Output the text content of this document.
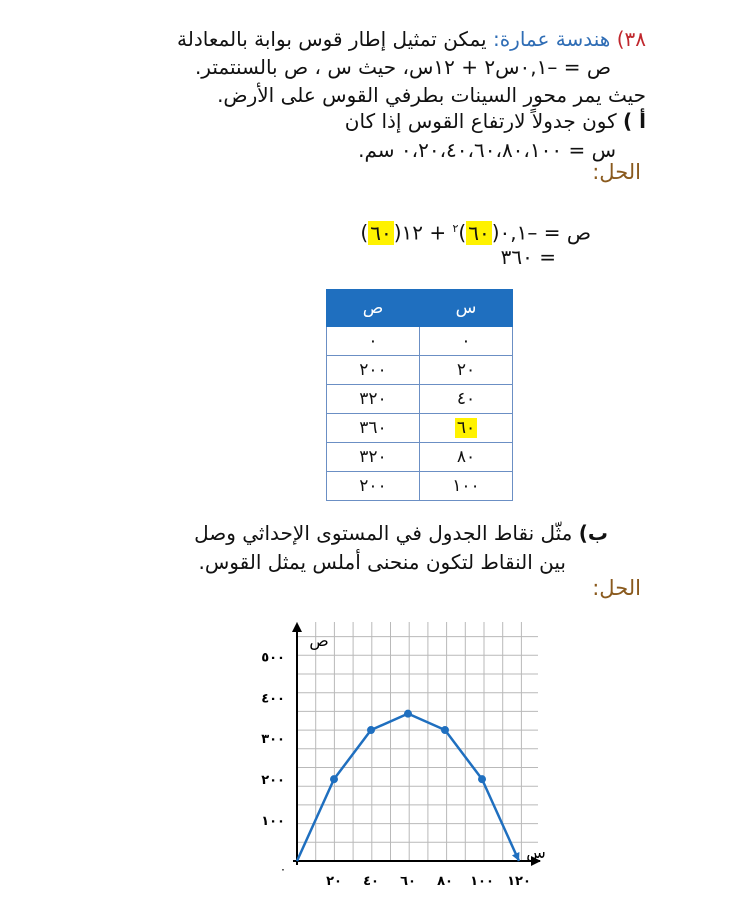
٣٨) هندسة عمارة: يمكن تمثيل إطار قوس بوابة بالمعادلة
ص = –٠,١س٢ + ١٢س، حيث س ، ص بالسنتمتر.
حيث يمر محور السينات بطرفي القوس على الأرض.
أ ) كون جدولاً لارتفاع القوس إذا كان
س = ٠،٢٠،٤٠،٦٠،٨٠،١٠٠ سم.
الحل:
ص = –٠,١(٦٠)$^٢$ + ١٢(٦٠)
= ٣٦٠
س	ص
٠	٠
٢٠	٢٠٠
٤٠	٣٢٠
٦٠	٣٦٠
٨٠	٣٢٠
١٠٠	٢٠٠
ب) مثّل نقاط الجدول في المستوى الإحداثي وصل
بين النقاط لتكون منحنى أملس يمثل القوس.
الحل:
ص
س
١٠٠
٢٠٠
٣٠٠
٤٠٠
٥٠٠
٢٠ ٤٠ ٦٠ ٨٠ ١٠٠ ١٢٠
٠
